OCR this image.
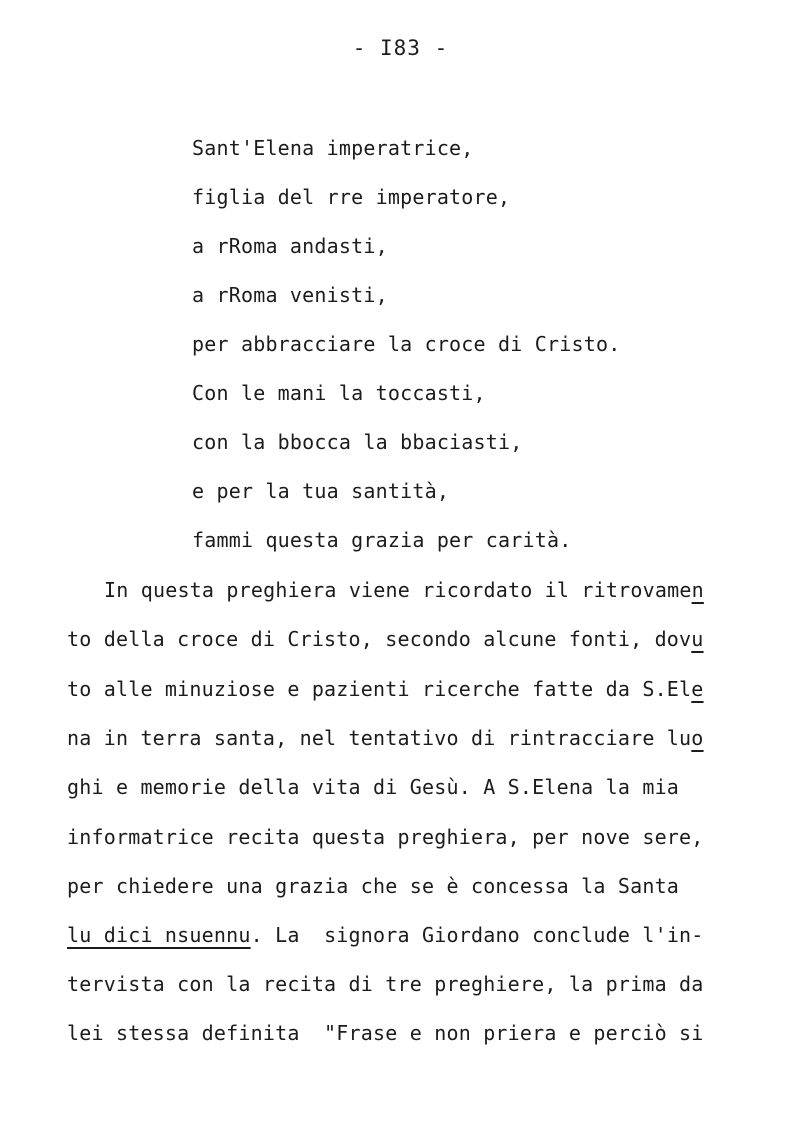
- I83 -
Sant'Elena imperatrice,
figlia del rre imperatore,
a rRoma andasti,
a rRoma venisti,
per abbracciare la croce di Cristo.
Con le mani la toccasti,
con la bbocca la bbaciasti,
e per la tua santità,
fammi questa grazia per carità.
In questa preghiera viene ricordato il ritrovamen
to della croce di Cristo, secondo alcune fonti, dovu
to alle minuziose e pazienti ricerche fatte da S.Ele
na in terra santa, nel tentativo di rintracciare luo
ghi e memorie della vita di Gesù. A S.Elena la mia
informatrice recita questa preghiera, per nove sere,
per chiedere una grazia che se è concessa la Santa
lu dici nsuennu. La  signora Giordano conclude l'in-
tervista con la recita di tre preghiere, la prima da
lei stessa definita  "Frase e non priera e perciò si
